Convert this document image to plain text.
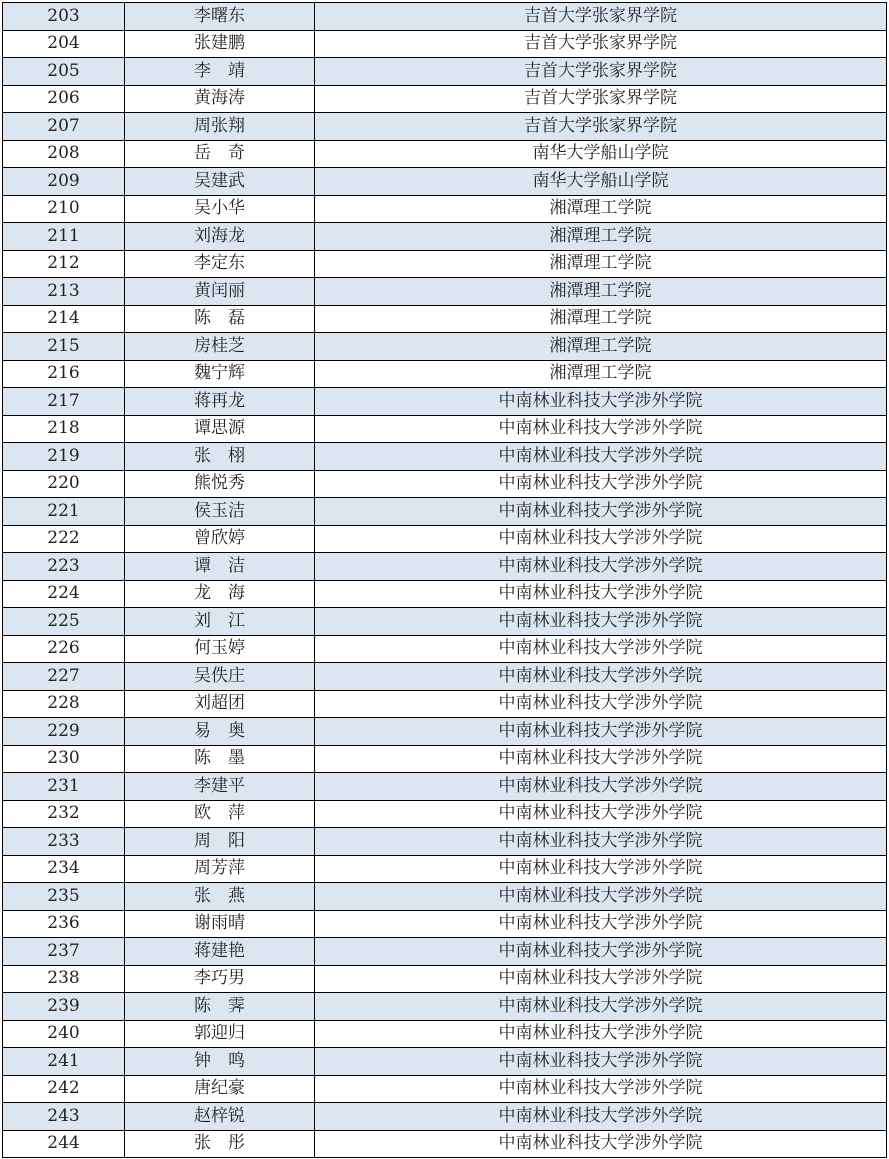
203	李曙东	吉首大学张家界学院
204	张建鹏	吉首大学张家界学院
205	李　靖	吉首大学张家界学院
206	黄海涛	吉首大学张家界学院
207	周张翔	吉首大学张家界学院
208	岳　奇	南华大学船山学院
209	吴建武	南华大学船山学院
210	吴小华	湘潭理工学院
211	刘海龙	湘潭理工学院
212	李定东	湘潭理工学院
213	黄闰丽	湘潭理工学院
214	陈　磊	湘潭理工学院
215	房桂芝	湘潭理工学院
216	魏宁辉	湘潭理工学院
217	蒋再龙	中南林业科技大学涉外学院
218	谭思源	中南林业科技大学涉外学院
219	张　栩	中南林业科技大学涉外学院
220	熊悦秀	中南林业科技大学涉外学院
221	侯玉洁	中南林业科技大学涉外学院
222	曾欣婷	中南林业科技大学涉外学院
223	谭　洁	中南林业科技大学涉外学院
224	龙　海	中南林业科技大学涉外学院
225	刘　江	中南林业科技大学涉外学院
226	何玉婷	中南林业科技大学涉外学院
227	吴佚庄	中南林业科技大学涉外学院
228	刘超团	中南林业科技大学涉外学院
229	易　奥	中南林业科技大学涉外学院
230	陈　墨	中南林业科技大学涉外学院
231	李建平	中南林业科技大学涉外学院
232	欧　萍	中南林业科技大学涉外学院
233	周　阳	中南林业科技大学涉外学院
234	周芳萍	中南林业科技大学涉外学院
235	张　燕	中南林业科技大学涉外学院
236	谢雨晴	中南林业科技大学涉外学院
237	蒋建艳	中南林业科技大学涉外学院
238	李巧男	中南林业科技大学涉外学院
239	陈　霁	中南林业科技大学涉外学院
240	郭迎归	中南林业科技大学涉外学院
241	钟　鸣	中南林业科技大学涉外学院
242	唐纪豪	中南林业科技大学涉外学院
243	赵梓锐	中南林业科技大学涉外学院
244	张　彤	中南林业科技大学涉外学院
